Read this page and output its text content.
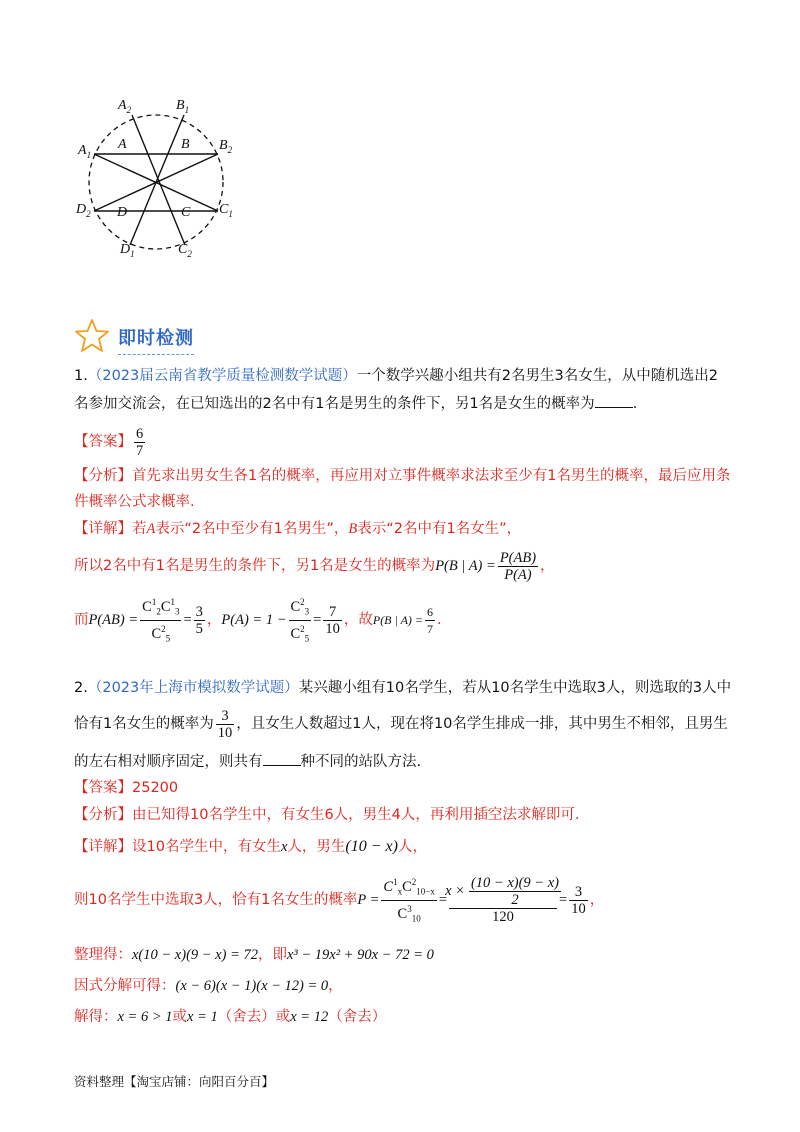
$A_2$	$B_1$
$A_1$
$B_2$
$D_2$	$C_1$
$D_1$	$C_2$
A	B
C
D
即时检测
1.（2023届云南省教学质量检测数学试题）一个数学兴趣小组共有2名男生3名女生，从中随机选出2
名参加交流会，在已知选出的2名中有1名是男生的条件下，另1名是女生的概率为	.
【答案】 $\frac{6}{7}$
【分析】首先求出男女生各1名的概率，再应用对立事件概率求法求至少有1名男生的概率，最后应用条
件概率公式求概率.
【详解】若A表示“2名中至少有1名男生”，B表示“2名中有1名女生”，
所以2名中有1名是男生的条件下，另1名是女生的概率为 P(B | $A) = \frac{P(AB)}{P(A)}$ ，
而 $P(AB) = \frac{C^1_2C^1_3}{C^2_5} = \frac{3}{5}$ ， $P(A) = 1 - \frac{C^2_3}{C^2_5} = \frac{7}{10}$ ， 故 P(B | $A) = \frac{6}{7}$ .
2.（2023年上海市模拟数学试题）某兴趣小组有10名学生，若从10名学生中选取3人，则选取的3人中
恰有1名女生的概率为 $\frac{3}{10}$ ，且女生人数超过1人，现在将10名学生排成一排，其中男生不相邻，且男生
的左右相对顺序固定，则共有	种不同的站队方法.
【答案】25200
【分析】由已知得10名学生中，有女生6人，男生4人，再利用插空法求解即可.
【详解】 设10名学生中，有女生 x 人，男生 (10 − x) 人，
则10名学生中选取3人，恰有1名女生的概率 $P = \frac{C^1_xC^2_{10-x}}{C^3_{10}} = \frac{x \times \frac{(10 - x)(9 - x)}{2}}{120} = \frac{3}{10}$ ，
整理得： x(10 − x)(9 − x) = 72 ，即 x³ − 19x² + 90x − 72 = 0
因式分解可得： (x − 6)(x − 1)(x − 12) = 0 ，
解得： x = 6 > 1 或 x = 1 （舍去） 或 x = 12 （舍去）
资料整理【淘宝店铺：向阳百分百】
